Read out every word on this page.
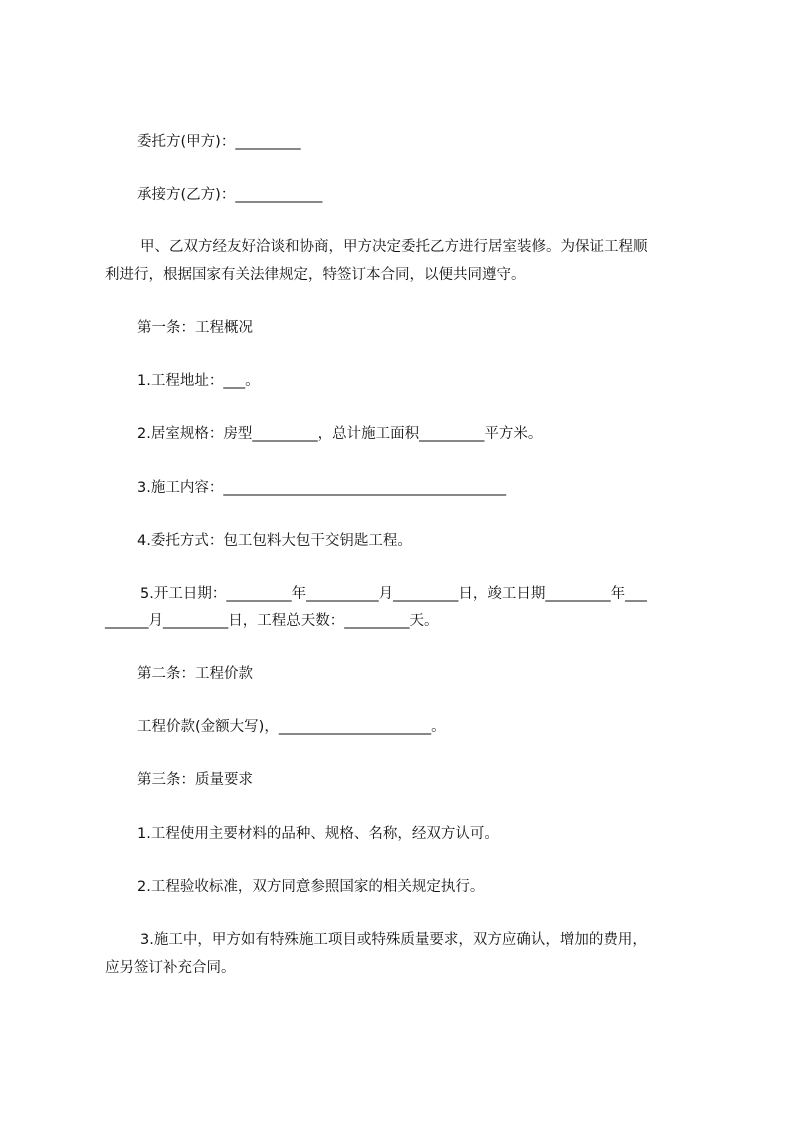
委托方(甲方)：_________
承接方(乙方)：____________
甲、乙双方经友好洽谈和协商，甲方决定委托乙方进行居室装修。为保证工程顺
利进行，根据国家有关法律规定，特签订本合同，以便共同遵守。
第一条：工程概况
1.工程地址：___。
2.居室规格：房型_________，总计施工面积_________平方米。
3.施工内容：_______________________________________
4.委托方式：包工包料大包干交钥匙工程。
5.开工日期：_________年__________月_________日，竣工日期_________年___
______月_________日，工程总天数：_________天。
第二条：工程价款
工程价款(金额大写)，_____________________。
第三条：质量要求
1.工程使用主要材料的品种、规格、名称，经双方认可。
2.工程验收标准，双方同意参照国家的相关规定执行。
3.施工中，甲方如有特殊施工项目或特殊质量要求，双方应确认，增加的费用，
应另签订补充合同。
